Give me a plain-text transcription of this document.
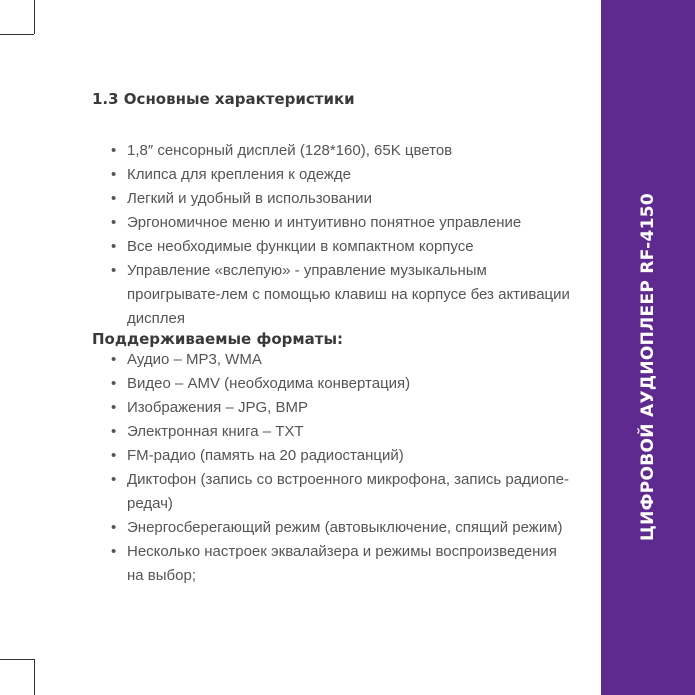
ЦИФРОВОЙ АУДИОПЛЕЕР RF-4150
1.3 Основные характеристики
• 1,8″ сенсорный дисплей (128*160), 65K цветов
• Клипса для крепления к одежде
• Легкий и удобный в использовании
• Эргономичное меню и интуитивно понятное управление
• Все необходимые функции в компактном корпусе
• Управление «вслепую» - управление музыкальным проигрывате-лем с помощью клавиш на корпусе без активации дисплея
Поддерживаемые форматы:
• Аудио – MP3, WMA
• Видео – AMV (необходима конвертация)
• Изображения – JPG, BMP
• Электронная книга – TXT
• FM-радио (память на 20 радиостанций)
• Диктофон (запись со встроенного микрофона, запись радиопе-редач)
• Энергосберегающий режим (автовыключение, спящий режим)
• Несколько настроек эквалайзера и режимы воспроизведения на выбор;
